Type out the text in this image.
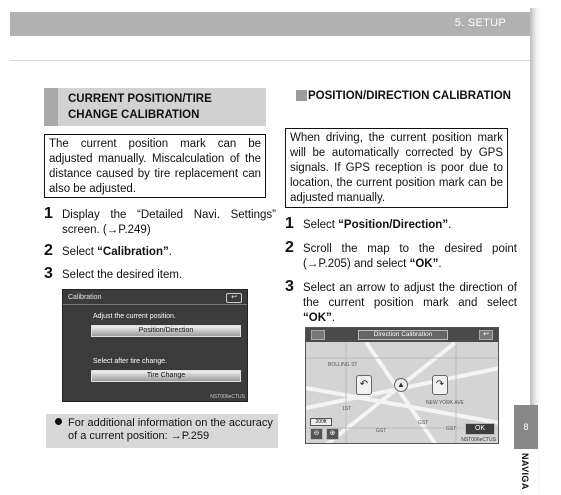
5. SETUP
CURRENT POSITION/TIRE
CHANGE CALIBRATION
The current position mark can be adjusted manually. Miscalculation of the distance caused by tire replacement can also be adjusted.
1 Display the “Detailed Navi. Settings” screen. (→P.249)
2 Select “Calibration”.
3 Select the desired item.
Calibration	↩
Adjust the current position.
Position/Direction
Select after tire change.
Tire Change
NST006eCTUS
For additional information on the accuracy of a current position: →P.259
POSITION/DIRECTION CALIBRATION
When driving, the current position mark will be automatically corrected by GPS signals. If GPS reception is poor due to location, the current position mark can be adjusted manually.
1 Select “Position/Direction”.
2 Scroll the map to the desired point (→P.205) and select “OK”.
3 Select an arrow to adjust the direction of the current position mark and select “OK”.
Direction Calibration	↩
NEW YORK AVE
1ST
GST
GST	GST
BOLLING ST
↶	▲	↷
200ft
⊖	⊕
OK
NST006eCTUS
8
NAVIGA
